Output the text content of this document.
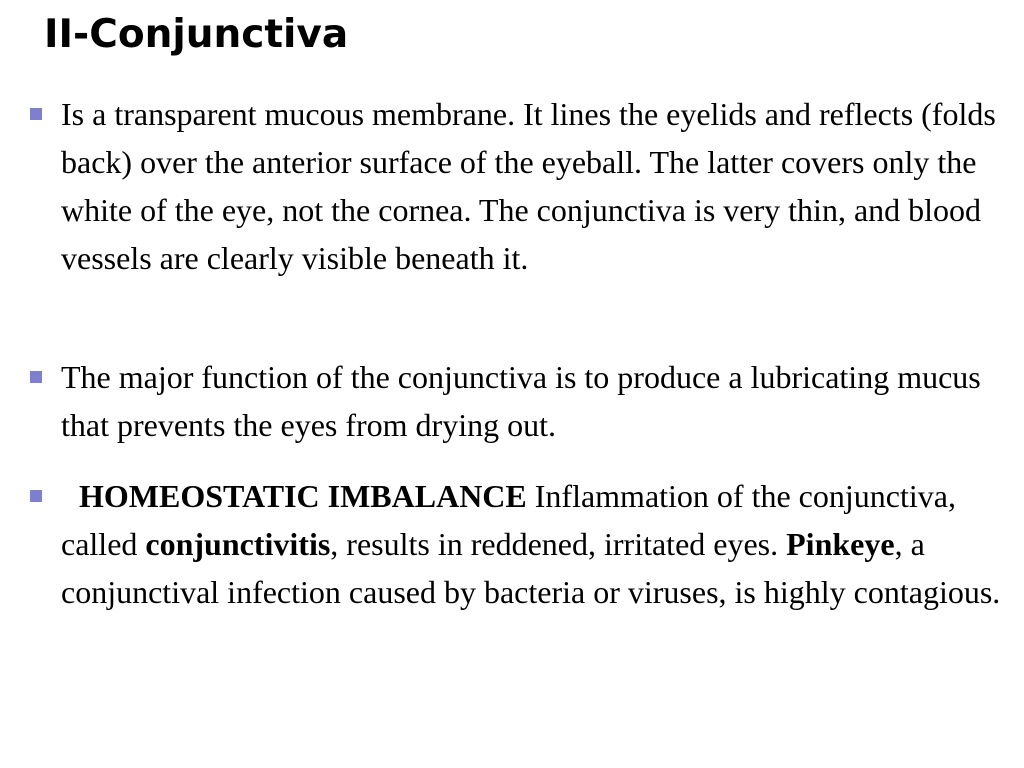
II-Conjunctiva
Is a transparent mucous membrane. It lines the eyelids and reflects (folds back) over the anterior surface of the eyeball. The latter covers only the white of the eye, not the cornea. The conjunctiva is very thin, and blood vessels are clearly visible beneath it.
The major function of the conjunctiva is to produce a lubricating mucus that prevents the eyes from drying out.
HOMEOSTATIC IMBALANCE Inflammation of the conjunctiva, called conjunctivitis, results in reddened, irritated eyes. Pinkeye, a conjunctival infection caused by bacteria or viruses, is highly contagious.
